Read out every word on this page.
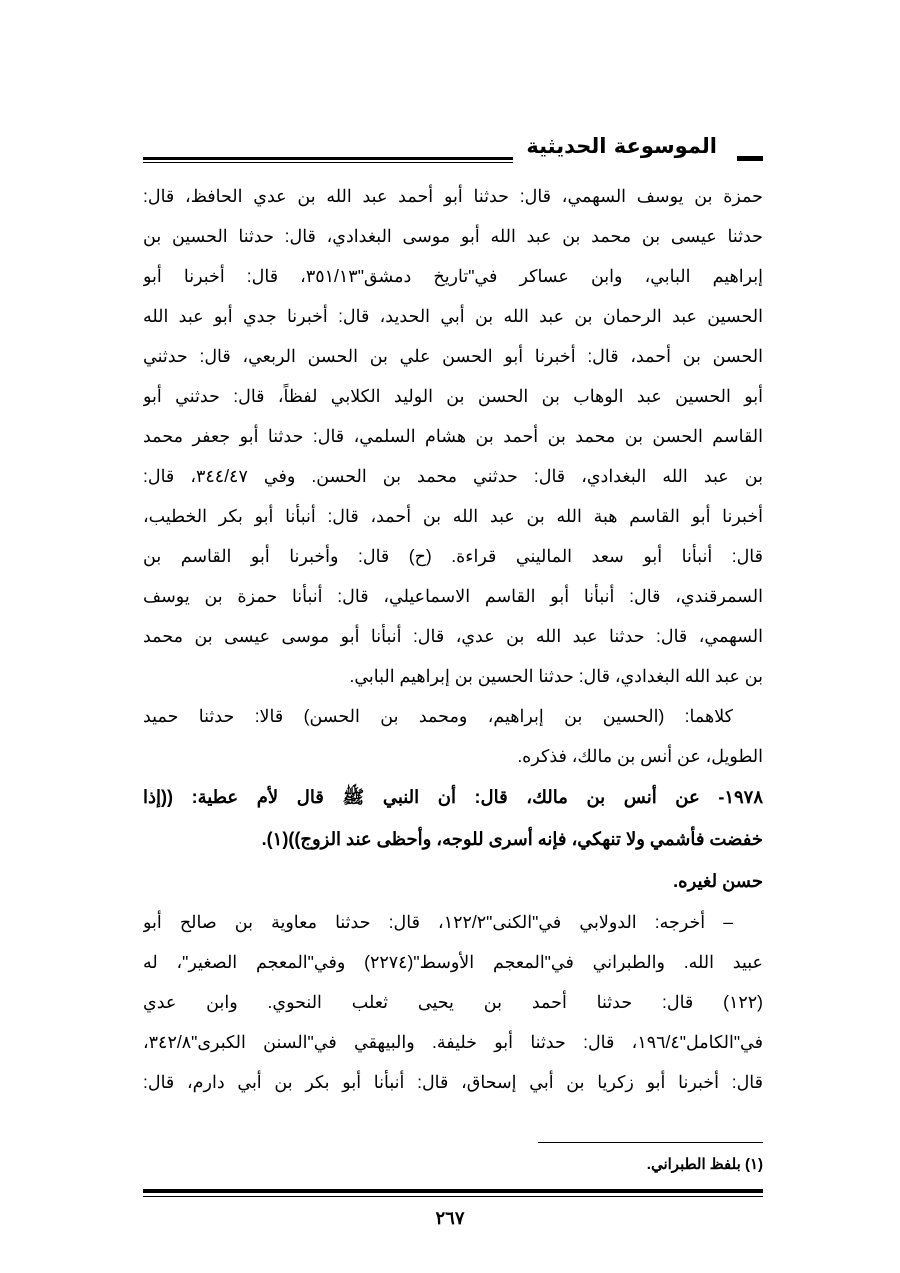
الموسوعة الحديثية
حمزة بن يوسف السهمي، قال: حدثنا أبو أحمد عبد الله بن عدي الحافظ، قال:
حدثنا عيسى بن محمد بن عبد الله أبو موسى البغدادي، قال: حدثنا الحسين بن
إبراهيم البابي، وابن عساكر في"تاريخ دمشق"٣٥١/١٣، قال: أخبرنا أبو
الحسين عبد الرحمان بن عبد الله بن أبي الحديد، قال: أخبرنا جدي أبو عبد الله
الحسن بن أحمد، قال: أخبرنا أبو الحسن علي بن الحسن الربعي، قال: حدثني
أبو الحسين عبد الوهاب بن الحسن بن الوليد الكلابي لفظاً، قال: حدثني أبو
القاسم الحسن بن محمد بن أحمد بن هشام السلمي، قال: حدثنا أبو جعفر محمد
بن عبد الله البغدادي، قال: حدثني محمد بن الحسن. وفي ٣٤٤/٤٧، قال:
أخبرنا أبو القاسم هبة الله بن عبد الله بن أحمد، قال: أنبأنا أبو بكر الخطيب،
قال: أنبأنا أبو سعد الماليني قراءة. (ح) قال: وأخبرنا أبو القاسم بن
السمرقندي، قال: أنبأنا أبو القاسم الاسماعيلي، قال: أنبأنا حمزة بن يوسف
السهمي، قال: حدثنا عبد الله بن عدي، قال: أنبأنا أبو موسى عيسى بن محمد
بن عبد الله البغدادي، قال: حدثنا الحسين بن إبراهيم البابي.
كلاهما: (الحسين بن إبراهيم، ومحمد بن الحسن) قالا: حدثنا حميد
الطويل، عن أنس بن مالك، فذكره.
١٩٧٨- عن أنس بن مالك، قال: أن النبي ﷺ قال لأم عطية: ((إذا
خفضت فأشمي ولا تنهكي، فإنه أسرى للوجه، وأحظى عند الزوج))(١).
حسن لغيره.
– أخرجه: الدولابي في"الكنى"١٢٢/٢، قال: حدثنا معاوية بن صالح أبو
عبيد الله. والطبراني في"المعجم الأوسط"(٢٢٧٤) وفي"المعجم الصغير"، له
(١٢٢) قال: حدثنا أحمد بن يحيى ثعلب النحوي. وابن عدي
في"الكامل"١٩٦/٤، قال: حدثنا أبو خليفة. والبيهقي في"السنن الكبرى"٣٤٢/٨،
قال: أخبرنا أبو زكريا بن أبي إسحاق، قال: أنبأنا أبو بكر بن أبي دارم، قال:
(١) بلفظ الطبراني.
٢٦٧
